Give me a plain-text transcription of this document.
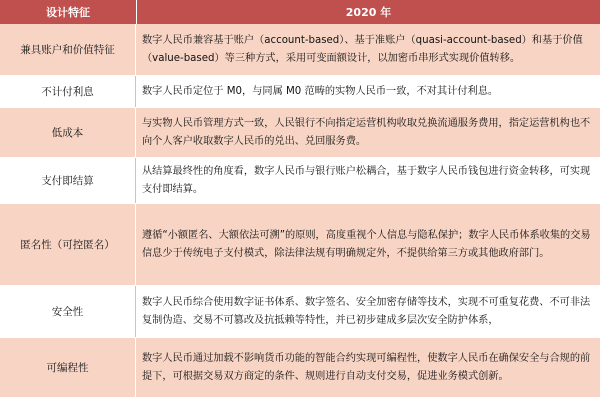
设计特征	2020 年
兼具账户和价值特征
数字人民币兼容基于账户（account-based）、基于准账户（quasi-account-based）和基于价值（value-based）等三种方式，采用可变面额设计，以加密币串形式实现价值转移。
不计付利息	数字人民币定位于 M0，与同属 M0 范畴的实物人民币一致，不对其计付利息。
低成本
与实物人民币管理方式一致，人民银行不向指定运营机构收取兑换流通服务费用，指定运营机构也不向个人客户收取数字人民币的兑出、兑回服务费。
支付即结算
从结算最终性的角度看，数字人民币与银行账户松耦合，基于数字人民币钱包进行资金转移，可实现支付即结算。
匿名性（可控匿名）
遵循“小额匿名、大额依法可溯”的原则，高度重视个人信息与隐私保护；数字人民币体系收集的交易信息少于传统电子支付模式，除法律法规有明确规定外，不提供给第三方或其他政府部门。
安全性
数字人民币综合使用数字证书体系、数字签名、安全加密存储等技术，实现不可重复花费、不可非法复制伪造、交易不可篡改及抗抵赖等特性，并已初步建成多层次安全防护体系，
可编程性
数字人民币通过加载不影响货币功能的智能合约实现可编程性，使数字人民币在确保安全与合规的前提下，可根据交易双方商定的条件、规则进行自动支付交易，促进业务模式创新。
